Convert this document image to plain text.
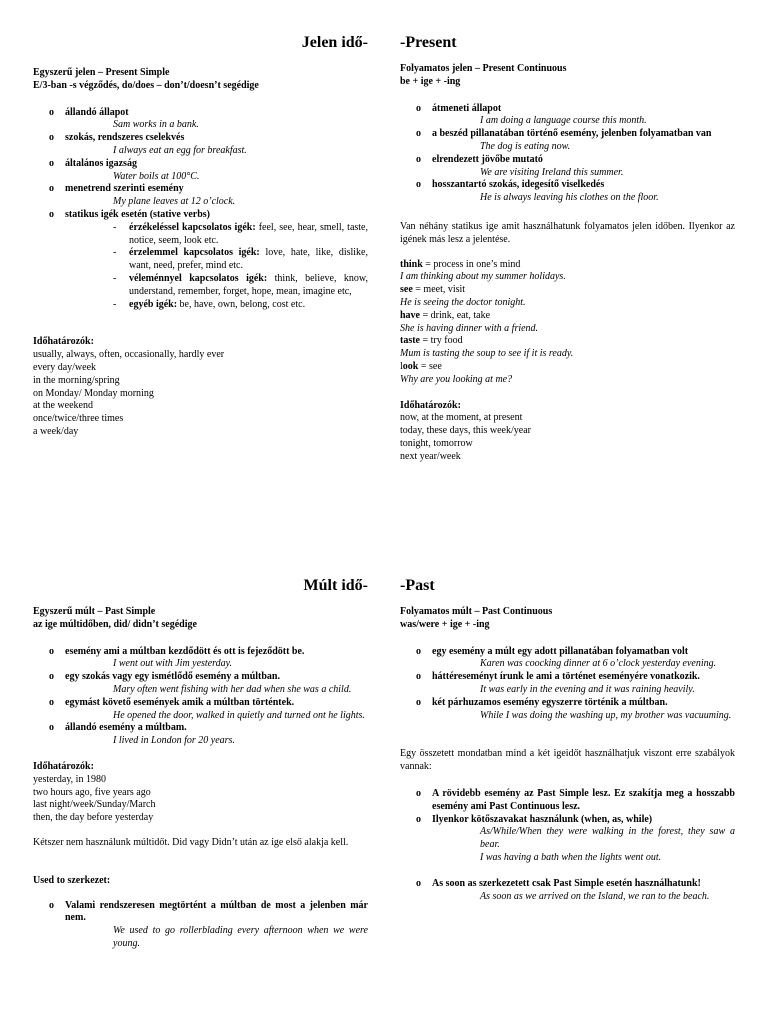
Jelen idő-
Egyszerű jelen – Present Simple
E/3-ban -s végződés, do/does – don’t/doesn’t segédige
o állandó állapot
Sam works in a bank.
o szokás, rendszeres cselekvés
I always eat an egg for breakfast.
o általános igazság
Water boils at 100°C.
o menetrend szerinti esemény
My plane leaves at 12 o’clock.
o statikus igék esetén (stative verbs)
- érzékeléssel kapcsolatos igék: feel, see, hear, smell, taste, notice, seem, look etc.
- érzelemmel kapcsolatos igék: love, hate, like, dislike, want, need, prefer, mind etc.
- véleménnyel kapcsolatos igék: think, believe, know, understand, remember, forget, hope, mean, imagine etc,
- egyéb igék: be, have, own, belong, cost etc.
Időhatározók:
usually, always, often, occasionally, hardly ever
every day/week
in the morning/spring
on Monday/ Monday morning
at the weekend
once/twice/three times
a week/day
-Present
Folyamatos jelen – Present Continuous
be + ige + -ing
o átmeneti állapot
I am doing a language course this month.
o a beszéd pillanatában történő esemény, jelenben folyamatban van
The dog is eating now.
o elrendezett jövőbe mutató
We are visiting Ireland this summer.
o hosszantartó szokás, idegesítő viselkedés
He is always leaving his clothes on the floor.
Van néhány statikus ige amit használhatunk folyamatos jelen időben. Ilyenkor az igének más lesz a jelentése.
think = process in one’s mind
I am thinking about my summer holidays.
see = meet, visit
He is seeing the doctor tonight.
have = drink, eat, take
She is having dinner with a friend.
taste = try food
Mum is tasting the soup to see if it is ready.
look = see
Why are you looking at me?
Időhatározók:
now, at the moment, at present
today, these days, this week/year
tonight, tomorrow
next year/week
Múlt idő-
Egyszerű múlt – Past Simple
az ige múltidőben, did/ didn’t segédige
o esemény ami a múltban kezdődött és ott is fejeződött be.
I went out with Jim yesterday.
o egy szokás vagy egy ismétlődő esemény a múltban.
Mary often went fishing with her dad when she was a child.
o egymást követő események amik a múltban történtek.
He opened the door, walked in quietly and turned ont he lights.
o állandó esemény a múltbam.
I lived in London for 20 years.
Időhatározók:
yesterday, in 1980
two hours ago, five years ago
last night/week/Sunday/March
then, the day before yesterday
Kétszer nem használunk múltidőt. Did vagy Didn’t után az ige első alakja kell.
Used to szerkezet:
o Valami rendszeresen megtörtént a múltban de most a jelenben már nem.
We used to go rollerblading every afternoon when we were young.
-Past
Folyamatos múlt – Past Continuous
was/were + ige + -ing
o egy esemény a múlt egy adott pillanatában folyamatban volt
Karen was coocking dinner at 6 o’clock yesterday evening.
o háttéreseményt írunk le ami a történet eseményére vonatkozik.
It was early in the evening and it was raining heavily.
o két párhuzamos esemény egyszerre történik a múltban.
While I was doing the washing up, my brother was vacuuming.
Egy összetett mondatban mind a két igeidőt használhatjuk viszont erre szabályok vannak:
o A rövidebb esemény az Past Simple lesz. Ez szakítja meg a hosszabb esemény ami Past Continuous lesz.
o Ilyenkor kötőszavakat használunk (when, as, while)
As/While/When they were walking in the forest, they saw a bear.
I was having a bath when the lights went out.
o As soon as szerkezetett csak Past Simple esetén használhatunk!
As soon as we arrived on the Island, we ran to the beach.
